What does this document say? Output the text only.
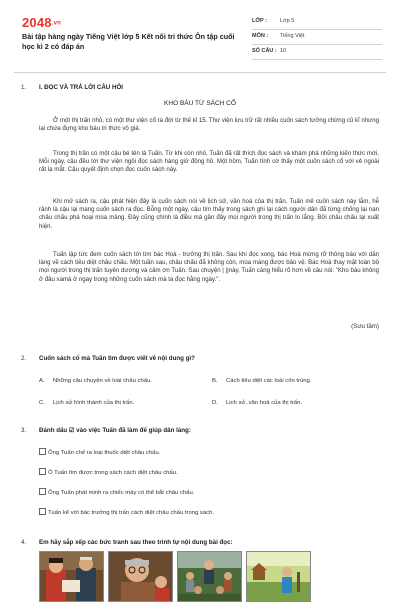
2048.vn
Bài tập hàng ngày Tiếng Việt lớp 5 Kết nối tri thức Ôn tập cuối học kì 2 có đáp án
LỚP : Lớp 5
MÔN : Tiếng Việt
SỐ CÂU : 10
1. I. ĐỌC VÀ TRẢ LỜI CÂU HỎI
KHO BÁU TỪ SÁCH CỔ
Ở một thị trấn nhỏ, có một thư viện cổ ra đời từ thế kỉ 15. Thư viện lưu trữ rất nhiều cuốn sách tưởng chừng cũ kĩ nhưng lại chứa đựng kho báu tri thức vô giá.
Trong thị trấn có một cậu bé tên là Tuấn. Từ khi còn nhỏ, Tuấn đã rất thích đọc sách và khám phá những kiến thức mới. Mỗi ngày, cậu đều tới thư viện ngồi đọc sách hàng giờ đồng hồ. Một hôm, Tuấn tình cờ thấy một cuốn sách cổ với vẻ ngoài rất lạ mắt. Cậu quyết định chọn đọc cuốn sách này.
Khi mở sách ra, cậu phát hiện đây là cuốn sách nói về lịch sử, văn hoá của thị trấn. Tuấn mê cuốn sách này lắm, hễ rảnh là cậu lại mang cuốn sách ra đọc. Bỗng một ngày, cậu tìm thấy trong sách ghi lại cách người dân đã từng chống lại nạn châu chấu phá hoại mùa màng. Đây cũng chính là điều mà gần đây mọi người trong thị trấn lo lắng. Bởi châu chấu lại xuất hiện.
Tuấn lập tức đem cuốn sách tới tìm bác Hoà - trưởng thị trấn. Sau khi đọc xong, bác Hoà mừng rỡ thông báo với dân làng về cách tiêu diệt châu chấu. Một tuần sau, châu chấu đã không còn, mùa màng được bảo vệ. Bác Hoà thay mặt toàn bộ mọi người trong thị trấn tuyên dương và cảm ơn Tuấn. Sau chuyện | ||này, Tuấn càng hiểu rõ hơn về câu nói: "Kho báu không ở đâu xamà ở ngay trong những cuốn sách mà ta đọc hằng ngày.".
(Sưu tầm)
2. Cuốn sách cổ mà Tuấn tìm được viết về nội dung gì?
A. Những câu chuyện về loài châu chấu.	B. Cách tiêu diệt các loài côn trùng.
C. Lịch sử hình thành của thị trấn.	D. Lịch sử, văn hoá của thị trấn.
3. Đánh dấu ☑ vào việc Tuấn đã làm để giúp dân làng:
Ông Tuấn chế ra loại thuốc diệt châu chấu.
Ô Tuấn tìm được trong sách cách diệt châu chấu.
Ông Tuấn phát minh ra chiếc máy có thể bắt châu chấu.
Tuấn kể với bác trưởng thị trấn cách diệt châu chấu trong sách.
4. Em hãy sắp xếp các bức tranh sau theo trình tự nội dung bài đọc:
